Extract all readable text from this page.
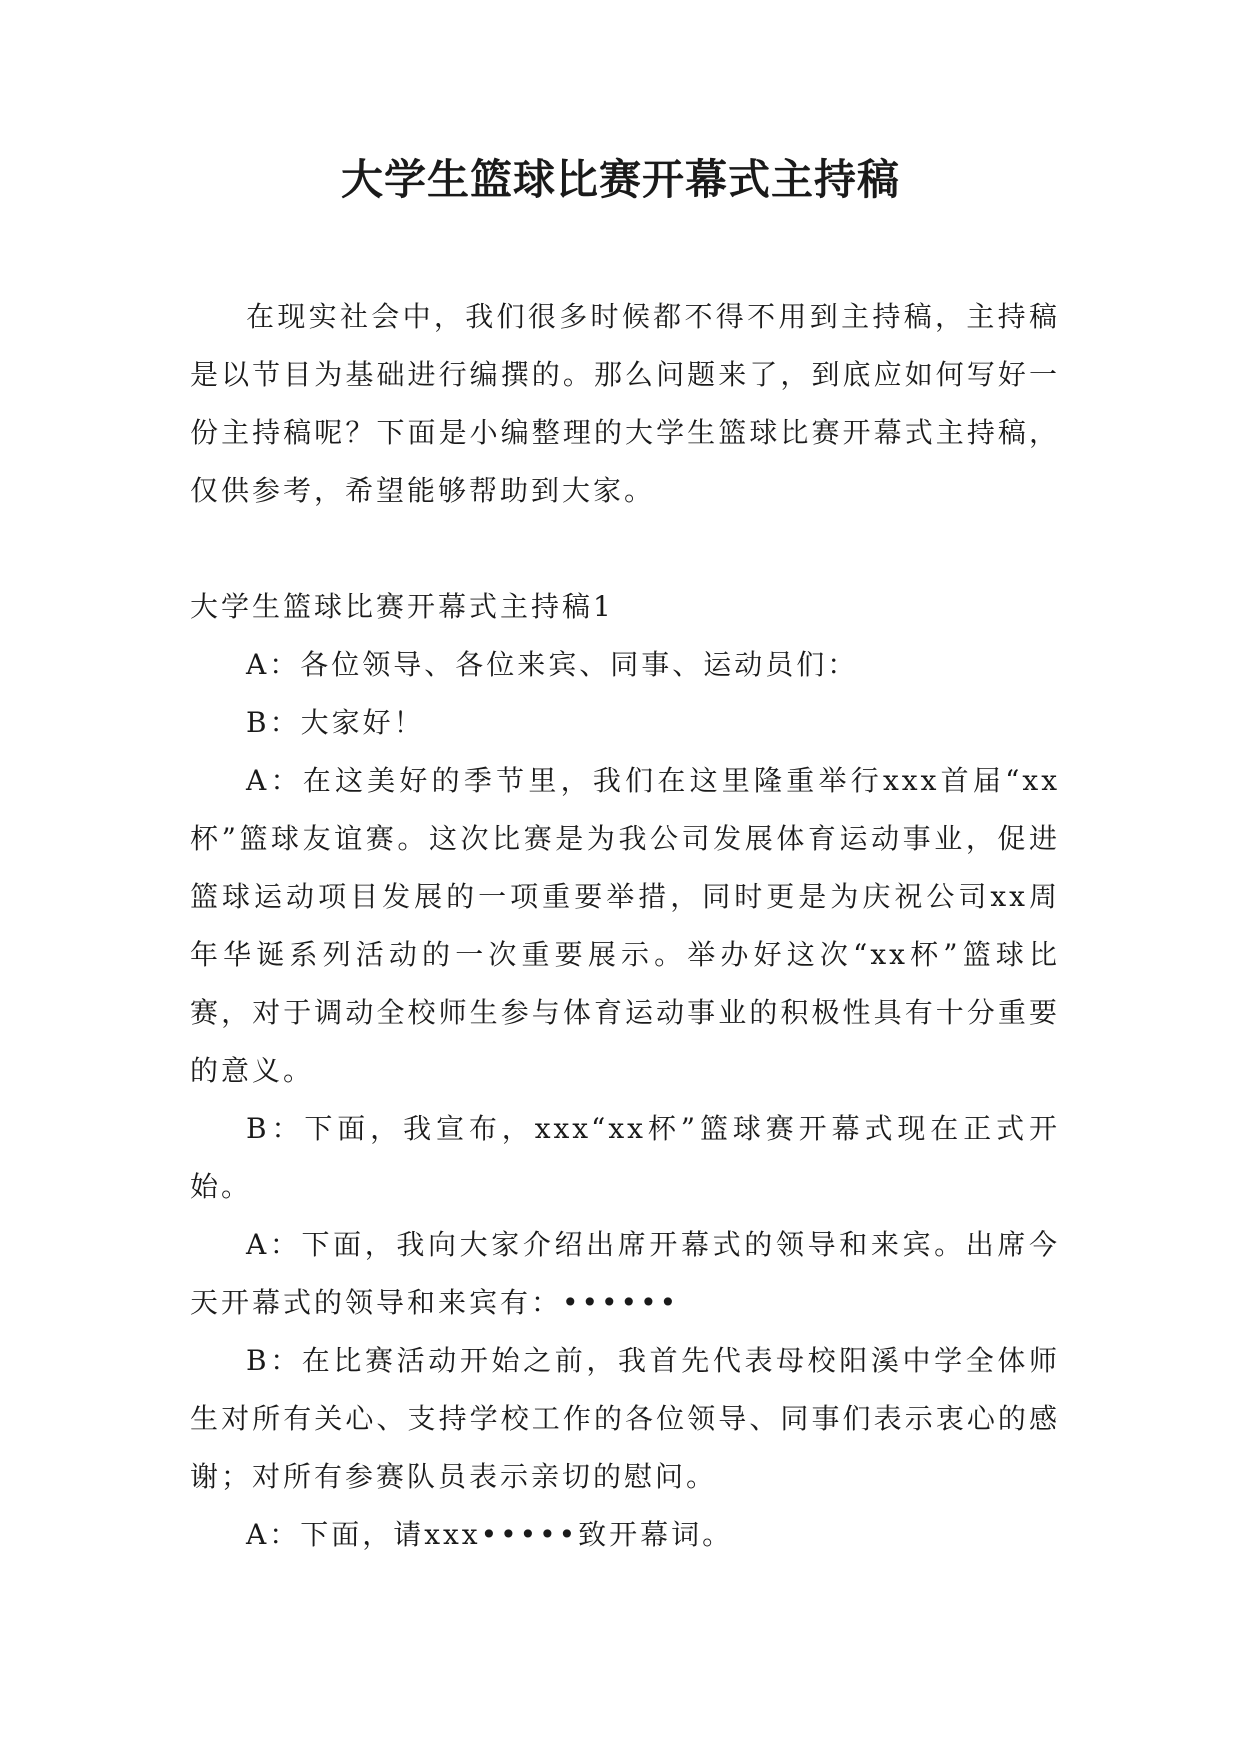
大学生篮球比赛开幕式主持稿

在现实社会中，我们很多时候都不得不用到主持稿，主持稿是以节目为基础进行编撰的。那么问题来了，到底应如何写好一份主持稿呢？下面是小编整理的大学生篮球比赛开幕式主持稿，仅供参考，希望能够帮助到大家。

大学生篮球比赛开幕式主持稿1

A：各位领导、各位来宾、同事、运动员们：

B：大家好！

A：在这美好的季节里，我们在这里隆重举行xxx首届“xx杯”篮球友谊赛。这次比赛是为我公司发展体育运动事业，促进篮球运动项目发展的一项重要举措，同时更是为庆祝公司xx周年华诞系列活动的一次重要展示。举办好这次“xx杯”篮球比赛，对于调动全校师生参与体育运动事业的积极性具有十分重要的意义。

B：下面，我宣布，xxx“xx杯”篮球赛开幕式现在正式开始。

A：下面，我向大家介绍出席开幕式的领导和来宾。出席今天开幕式的领导和来宾有：••••••

B：在比赛活动开始之前，我首先代表母校阳溪中学全体师生对所有关心、支持学校工作的各位领导、同事们表示衷心的感谢；对所有参赛队员表示亲切的慰问。

A：下面，请xxx•••••致开幕词。
